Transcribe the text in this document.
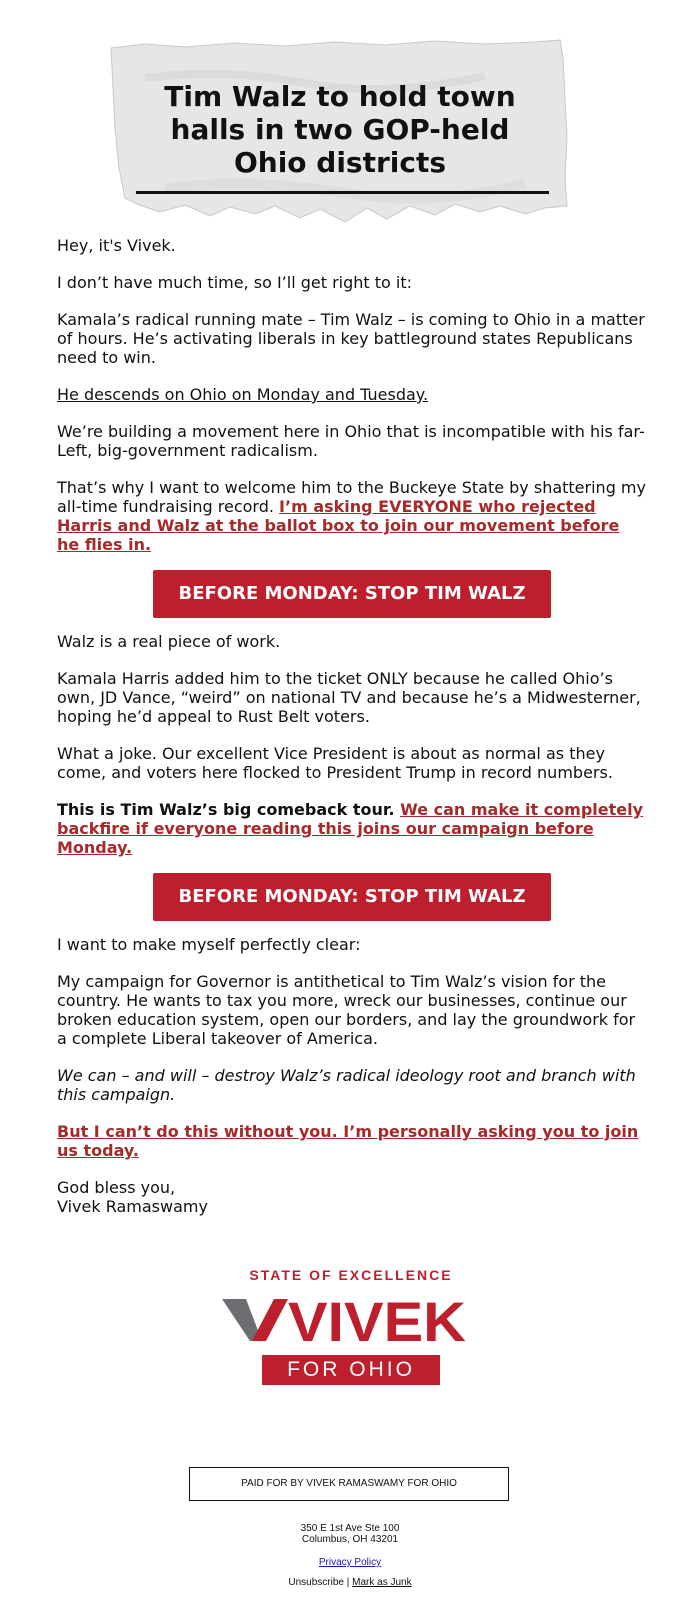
Tim Walz to hold town halls in two GOP-held Ohio districts

Hey, it's Vivek.

I don’t have much time, so I’ll get right to it:

Kamala’s radical running mate – Tim Walz – is coming to Ohio in a matter of hours. He’s activating liberals in key battleground states Republicans need to win.

He descends on Ohio on Monday and Tuesday.

We’re building a movement here in Ohio that is incompatible with his far-Left, big-government radicalism.

That’s why I want to welcome him to the Buckeye State by shattering my all-time fundraising record. I’m asking EVERYONE who rejected Harris and Walz at the ballot box to join our movement before he flies in.

BEFORE MONDAY: STOP TIM WALZ

Walz is a real piece of work.

Kamala Harris added him to the ticket ONLY because he called Ohio’s own, JD Vance, “weird” on national TV and because he’s a Midwesterner, hoping he’d appeal to Rust Belt voters.

What a joke. Our excellent Vice President is about as normal as they come, and voters here flocked to President Trump in record numbers.

This is Tim Walz’s big comeback tour. We can make it completely backfire if everyone reading this joins our campaign before Monday.

BEFORE MONDAY: STOP TIM WALZ

I want to make myself perfectly clear:

My campaign for Governor is antithetical to Tim Walz’s vision for the country. He wants to tax you more, wreck our businesses, continue our broken education system, open our borders, and lay the groundwork for a complete Liberal takeover of America.

We can – and will – destroy Walz’s radical ideology root and branch with this campaign.

But I can’t do this without you. I’m personally asking you to join us today.

God bless you,
Vivek Ramaswamy

STATE OF EXCELLENCE
VIVEK
FOR OHIO
PAID FOR BY VIVEK RAMASWAMY FOR OHIO
350 E 1st Ave Ste 100
Columbus, OH 43201
Privacy Policy
Unsubscribe | Mark as Junk
